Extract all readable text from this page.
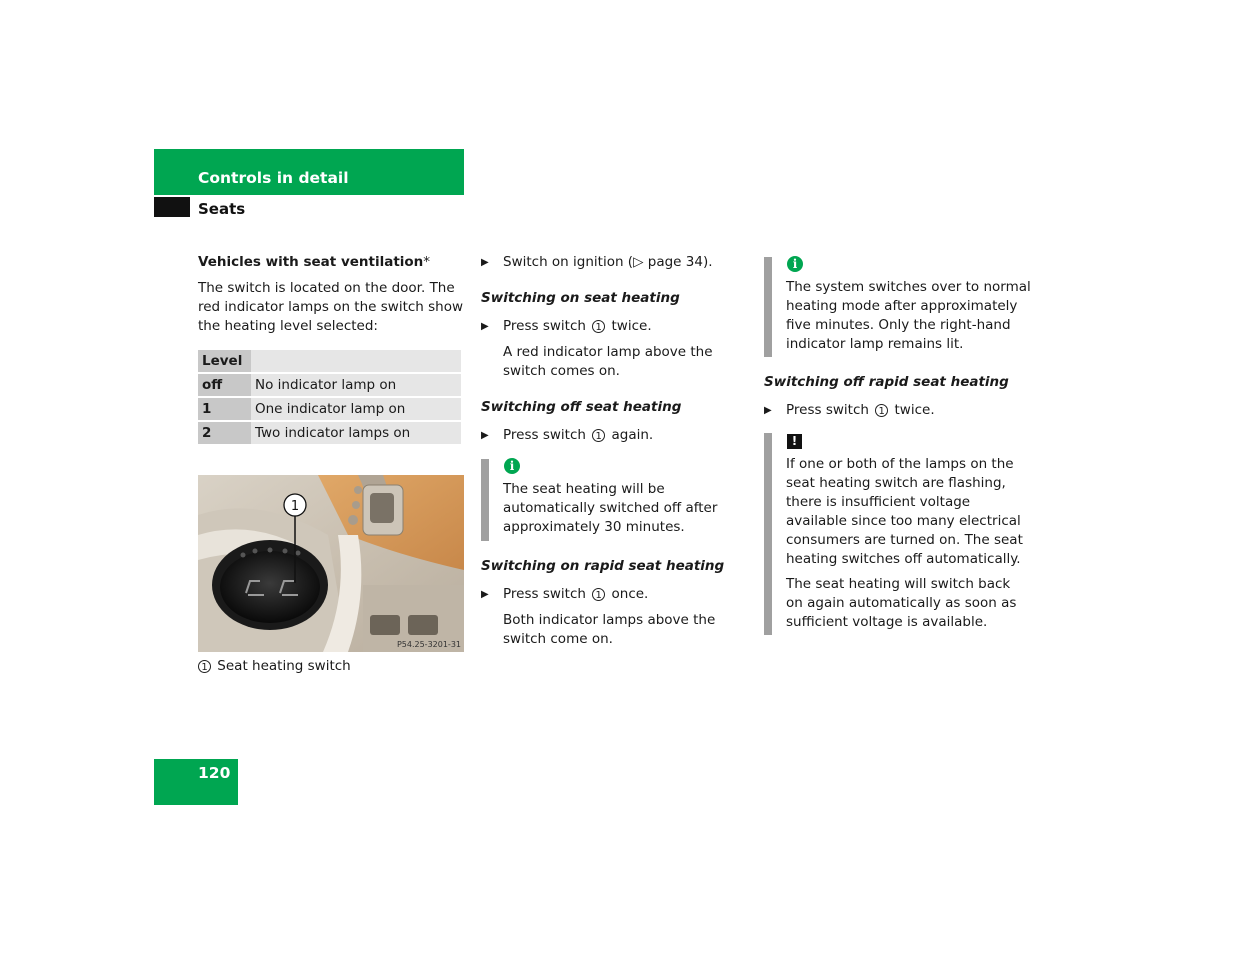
Controls in detail
Seats
Vehicles with seat ventilation*
The switch is located on the door. The red indicator lamps on the switch show the heating level selected:
Level	
off	No indicator lamp on
1	One indicator lamp on
2	Two indicator lamps on
1
P54.25-3201-31
1 Seat heating switch
▶ Switch on ignition (▷ page 34).
Switching on seat heating
▶ Press switch 1 twice.
A red indicator lamp above the switch comes on.
Switching off seat heating
▶ Press switch 1 again.
i
The seat heating will be automatically switched off after approximately 30 minutes.
Switching on rapid seat heating
▶ Press switch 1 once.
Both indicator lamps above the switch come on.
i
The system switches over to normal heating mode after approximately five minutes. Only the right-hand indicator lamp remains lit.
Switching off rapid seat heating
▶ Press switch 1 twice.
!
If one or both of the lamps on the seat heating switch are flashing, there is insufficient voltage available since too many electrical consumers are turned on. The seat heating switches off automatically.
The seat heating will switch back on again automatically as soon as sufficient voltage is available.
120
